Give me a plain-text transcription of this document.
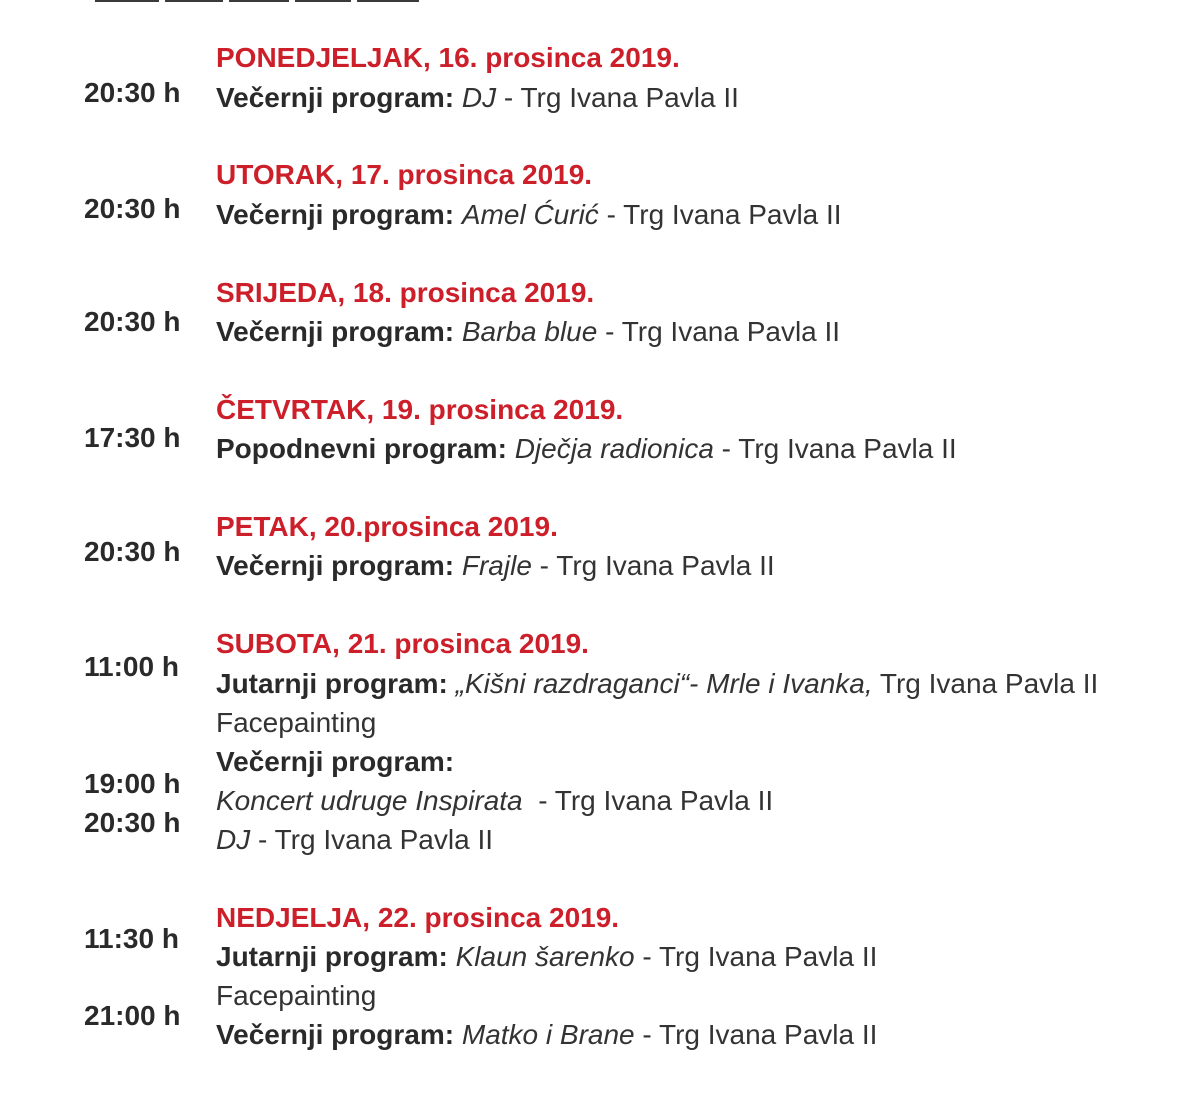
PONEDJELJAK, 16. prosinca 2019.
20:30 h Večernji program: DJ - Trg Ivana Pavla II
UTORAK, 17. prosinca 2019.
20:30 h Večernji program: Amel Ćurić - Trg Ivana Pavla II
SRIJEDA, 18. prosinca 2019.
20:30 h Večernji program: Barba blue - Trg Ivana Pavla II
ČETVRTAK, 19. prosinca 2019.
17:30 h Popodnevni program: Dječja radionica - Trg Ivana Pavla II
PETAK, 20.prosinca 2019.
20:30 h Večernji program: Frajle - Trg Ivana Pavla II
SUBOTA, 21. prosinca 2019.
11:00 h
19:00 h
20:30 h
Jutarnji program: „Kišni razdraganci“- Mrle i Ivanka, Trg Ivana Pavla II
Facepainting
Večernji program:
Koncert udruge Inspirata  - Trg Ivana Pavla II
DJ - Trg Ivana Pavla II
NEDJELJA, 22. prosinca 2019.
11:30 h
21:00 h
Jutarnji program: Klaun šarenko - Trg Ivana Pavla II
Facepainting
Večernji program: Matko i Brane - Trg Ivana Pavla II
